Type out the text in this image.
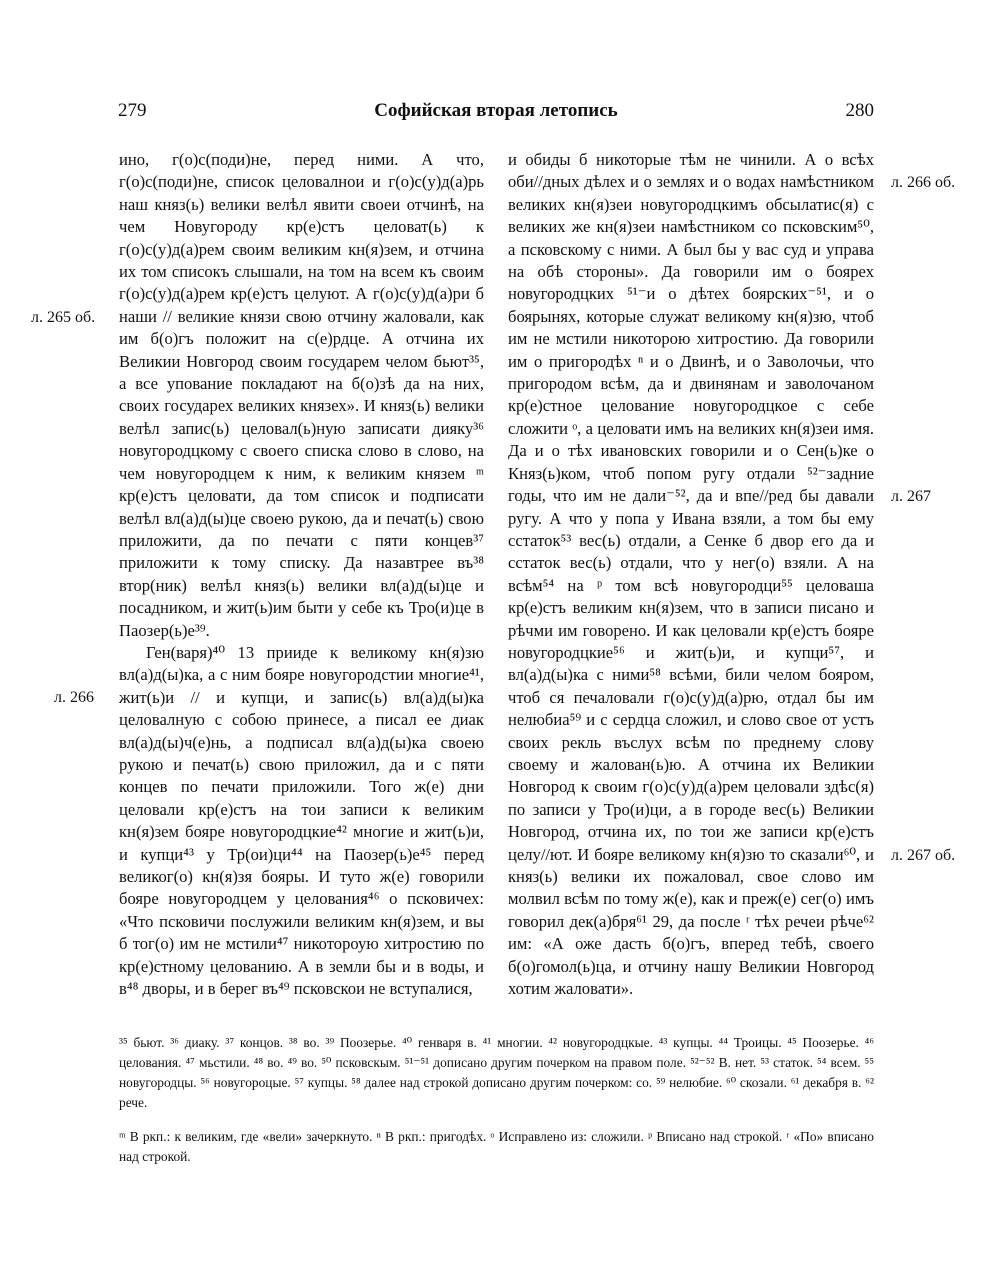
279	Софийская вторая летопись	280

ино, г(о)с(поди)не, перед ними. А что, г(о)с(поди)не, список целовалнои и г(о)с(у)д(а)рь наш княз(ь) велики велѣл явити своеи отчинѣ, на чем Новугороду кр(е)стъ целоват(ь) к г(о)с(у)д(а)рем своим великим кн(я)зем, и отчина их том списокъ слышали, на том на всем къ своим г(о)с(у)д(а)рем кр(е)стъ целуют. А г(о)с(у)д(а)ри б наши // великие князи свою отчину жаловали, как им б(о)гъ положит на с(е)рдце. А отчина их Великии Новгород своим государем челом бьют³⁵, а все упование покладают на б(о)зѣ да на них, своих государех великих князех». И княз(ь) велики велѣл запис(ь) целовал(ь)ную записати дияку³⁶ новугородцкому с своего списка слово в слово, на чем новугородцем к ним, к великим князем ᵐ кр(е)стъ целовати, да том список и подписати велѣл вл(а)д(ы)це своею рукою, да и печат(ь) свою приложити, да по печати с пяти концев³⁷ приложити к тому списку. Да назавтрее въ³⁸ втор(ник) велѣл княз(ь) велики вл(а)д(ы)це и посадником, и жит(ь)им быти у себе къ Тро(и)це в Паозер(ь)е³⁹.

Ген(варя)⁴⁰ 13 прииде к великому кн(я)зю вл(а)д(ы)ка, а с ним бояре новугородстии многие⁴¹, жит(ь)и // и купци, и запис(ь) вл(а)д(ы)ка целовалную с собою принесе, а писал ее диак вл(а)д(ы)ч(е)нь, а подписал вл(а)д(ы)ка своею рукою и печат(ь) свою приложил, да и с пяти концев по печати приложили. Того ж(е) дни целовали кр(е)стъ на тои записи к великим кн(я)зем бояре новугородцкие⁴² многие и жит(ь)и, и купци⁴³ у Тр(ои)ци⁴⁴ на Паозер(ь)е⁴⁵ перед великог(о) кн(я)зя бояры. И туто ж(е) говорили бояре новугородцем у целования⁴⁶ о псковичех: «Что псковичи послужили великим кн(я)зем, и вы б тог(о) им не мстили⁴⁷ никотороую хитростию по кр(е)стному целованию. А в земли бы и в воды, и в⁴⁸ дворы, и в берег въ⁴⁹ псковскои не вступалися,

и обиды б никоторые тѣм не чинили. А о всѣх оби//дных дѣлех и о землях и о водах намѣстником великих кн(я)зеи новугородцкимъ обсылатис(я) с великих же кн(я)зеи намѣстником со псковским⁵⁰, а псковскому с ними. А был бы у вас суд и управа на обѣ стороны». Да говорили им о боярех новугородцких ⁵¹⁻и о дѣтех боярских⁻⁵¹, и о боярынях, которые служат великому кн(я)зю, чтоб им не мстили никоторою хитростию. Да говорили им о пригородѣх ⁿ и о Двинѣ, и о Заволочьи, что пригородом всѣм, да и двинянам и заволочаном кр(е)стное целование новугородцкое с себе сложити ᵒ, а целовати имъ на великих кн(я)зеи имя. Да и о тѣх ивановских говорили и о Сен(ь)ке о Княз(ь)ком, чтоб попом ругу отдали ⁵²⁻задние годы, что им не дали⁻⁵², да и впе//ред бы давали ругу. А что у попа у Ивана взяли, а том бы ему сстаток⁵³ вес(ь) отдали, а Сенке б двор его да и сстаток вес(ь) отдали, что у нег(о) взяли. А на всѣм⁵⁴ на ᵖ том всѣ новугородци⁵⁵ целоваша кр(е)стъ великим кн(я)зем, что в записи писано и рѣчми им говорено. И как целовали кр(е)стъ бояре новугородцкие⁵⁶ и жит(ь)и, и купци⁵⁷, и вл(а)д(ы)ка с ними⁵⁸ всѣми, били челом бояром, чтоб ся печаловали г(о)с(у)д(а)рю, отдал бы им нелюбиа⁵⁹ и с сердца сложил, и слово свое от устъ своих рекль въслух всѣм по преднему слову своему и жалован(ь)ю. А отчина их Великии Новгород к своим г(о)с(у)д(а)рем целовали здѣс(я) по записи у Тро(и)ци, а в городе вес(ь) Великии Новгород, отчина их, по тои же записи кр(е)стъ целу//ют. И бояре великому кн(я)зю то сказали⁶⁰, и княз(ь) велики их пожаловал, свое слово им молвил всѣм по тому ж(е), как и преж(е) сег(о) имъ говорил дек(а)бря⁶¹ 29, да после ʳ тѣх речеи рѣче⁶² им: «А оже дасть б(о)гъ, вперед тебѣ, своего б(о)гомол(ь)ца, и отчину нашу Великии Новгород хотим жаловати».

л. 265 об.
л. 266
л. 266 об.
л. 267
л. 267 об.

³⁵ бьют. ³⁶ диаку. ³⁷ концов. ³⁸ во. ³⁹ Поозерье. ⁴⁰ генваря в. ⁴¹ многии. ⁴² новугородцкые. ⁴³ купцы. ⁴⁴ Троицы. ⁴⁵ Поозерье. ⁴⁶ целования. ⁴⁷ мьстили. ⁴⁸ во. ⁴⁹ во. ⁵⁰ псковскым. ⁵¹⁻⁵¹ дописано другим почерком на правом поле. ⁵²⁻⁵² В. нет. ⁵³ статок. ⁵⁴ всем. ⁵⁵ новугородцы. ⁵⁶ новугороцые. ⁵⁷ купцы. ⁵⁸ далее над строкой дописано другим почерком: со. ⁵⁹ нелюбие. ⁶⁰ скозали. ⁶¹ декабря в. ⁶² рече.

ᵐ В ркп.: к великим, где «вели» зачеркнуто. ⁿ В ркп.: пригодѣх. ᵒ Исправлено из: сложили. ᵖ Вписано над строкой. ʳ «По» вписано над строкой.
